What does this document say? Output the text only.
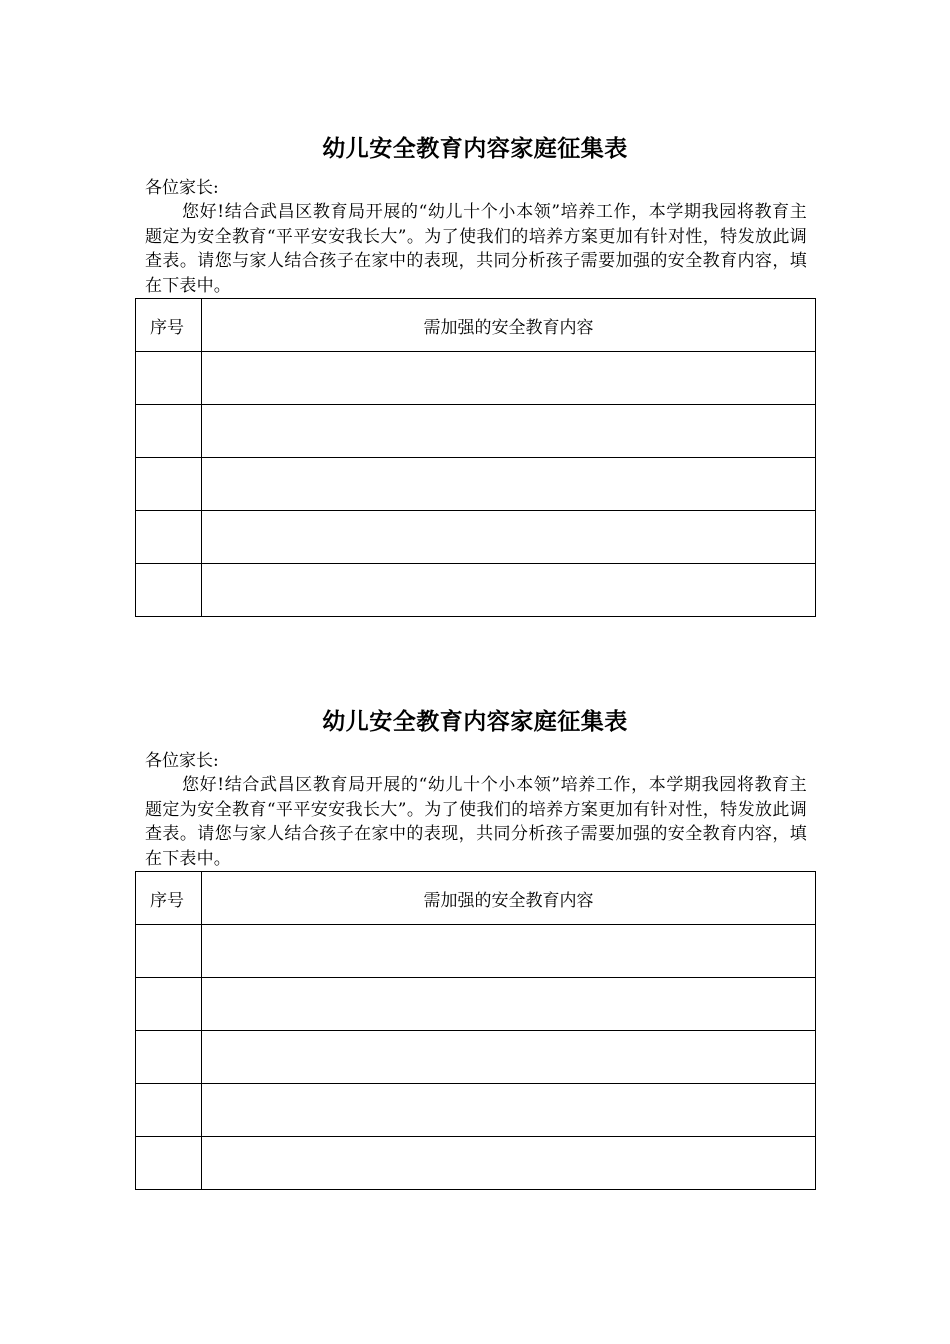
幼儿安全教育内容家庭征集表

各位家长:

您好!结合武昌区教育局开展的“幼儿十个小本领”培养工作，本学期我园将教育主题定为安全教育“平平安安我长大”。为了使我们的培养方案更加有针对性，特发放此调查表。请您与家人结合孩子在家中的表现，共同分析孩子需要加强的安全教育内容，填在下表中。

序号	需加强的安全教育内容

幼儿安全教育内容家庭征集表

各位家长:

您好!结合武昌区教育局开展的“幼儿十个小本领”培养工作，本学期我园将教育主题定为安全教育“平平安安我长大”。为了使我们的培养方案更加有针对性，特发放此调查表。请您与家人结合孩子在家中的表现，共同分析孩子需要加强的安全教育内容，填在下表中。

序号	需加强的安全教育内容
